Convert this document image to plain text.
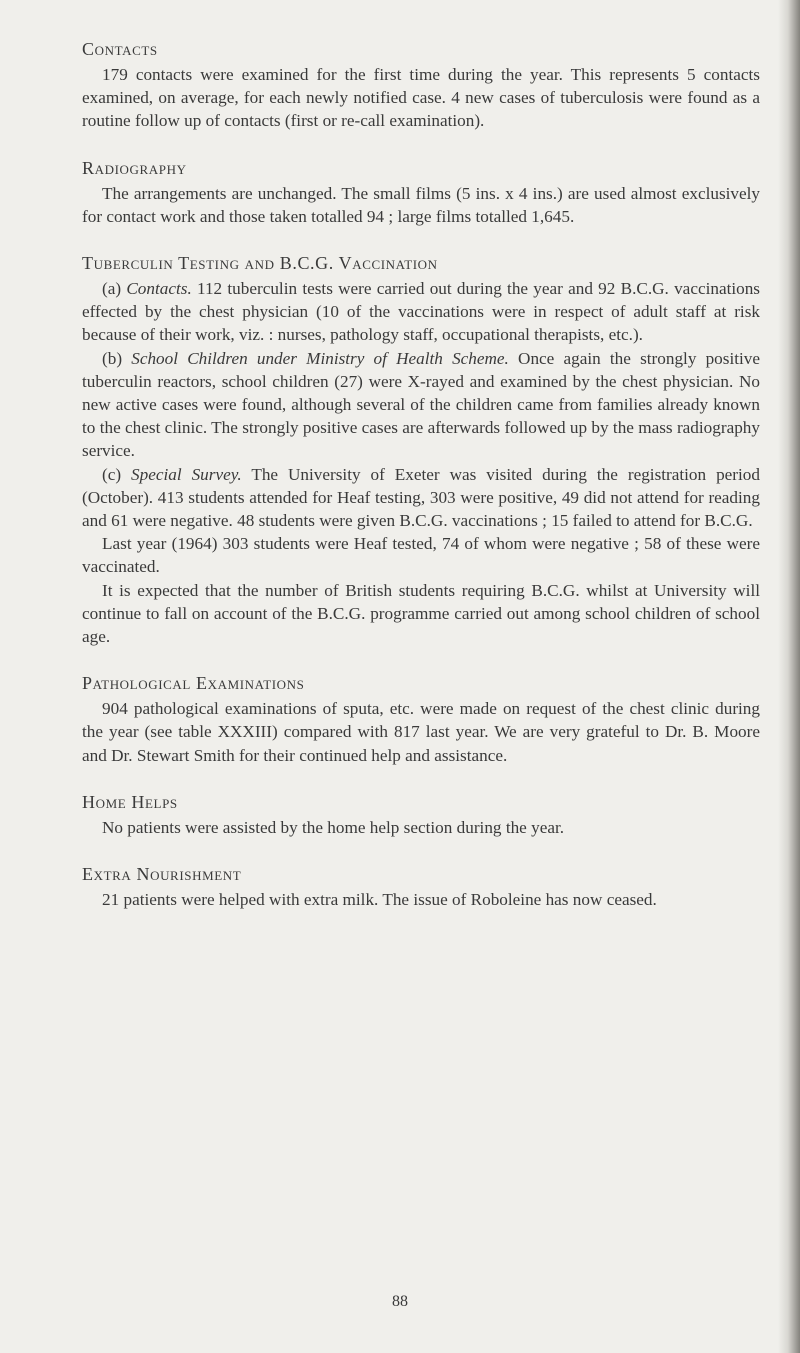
Contacts

179 contacts were examined for the first time during the year. This represents 5 contacts examined, on average, for each newly notified case. 4 new cases of tuberculosis were found as a routine follow up of contacts (first or re-call examination).

Radiography

The arrangements are unchanged. The small films (5 ins. x 4 ins.) are used almost exclusively for contact work and those taken totalled 94 ; large films totalled 1,645.

Tuberculin Testing and B.C.G. Vaccination

(a) Contacts. 112 tuberculin tests were carried out during the year and 92 B.C.G. vaccinations effected by the chest physician (10 of the vaccinations were in respect of adult staff at risk because of their work, viz. : nurses, pathology staff, occupational therapists, etc.).

(b) School Children under Ministry of Health Scheme. Once again the strongly positive tuberculin reactors, school children (27) were X-rayed and examined by the chest physician. No new active cases were found, although several of the children came from families already known to the chest clinic. The strongly positive cases are afterwards followed up by the mass radiography service.

(c) Special Survey. The University of Exeter was visited during the registration period (October). 413 students attended for Heaf testing, 303 were positive, 49 did not attend for reading and 61 were negative. 48 students were given B.C.G. vaccinations ; 15 failed to attend for B.C.G.

Last year (1964) 303 students were Heaf tested, 74 of whom were negative ; 58 of these were vaccinated.

It is expected that the number of British students requiring B.C.G. whilst at University will continue to fall on account of the B.C.G. programme carried out among school children of school age.

Pathological Examinations

904 pathological examinations of sputa, etc. were made on request of the chest clinic during the year (see table XXXIII) compared with 817 last year. We are very grateful to Dr. B. Moore and Dr. Stewart Smith for their continued help and assistance.

Home Helps

No patients were assisted by the home help section during the year.

Extra Nourishment

21 patients were helped with extra milk. The issue of Roboleine has now ceased.

88
